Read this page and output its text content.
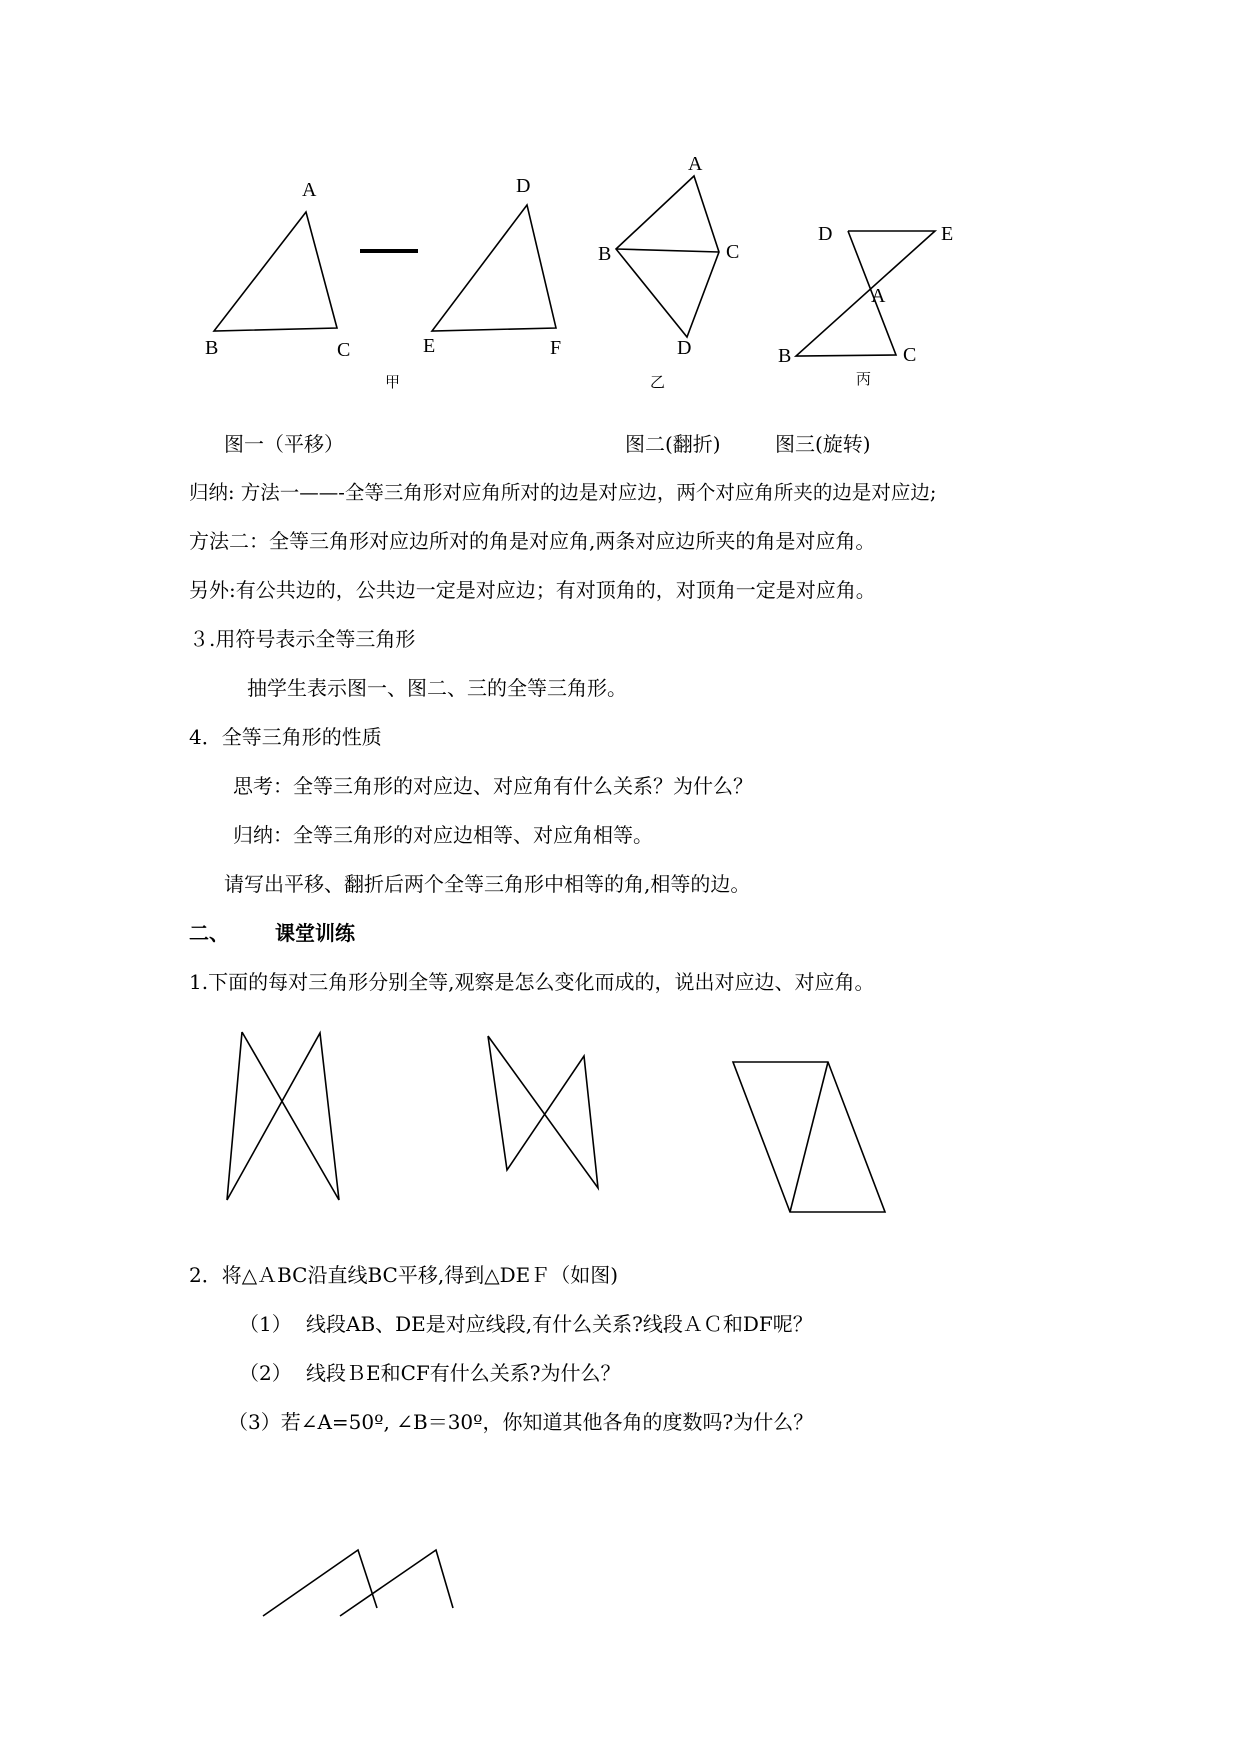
A
B	C
D
E	F
甲
A
B	C
D
乙
D	E
A
B	C
丙
图一（平移）	图二(翻折)	图三(旋转)
归纳: 方法一——-全等三角形对应角所对的边是对应边，两个对应角所夹的边是对应边;
方法二：全等三角形对应边所对的角是对应角,两条对应边所夹的角是对应角。
另外:有公共边的，公共边一定是对应边；有对顶角的，对顶角一定是对应角。
３.用符号表示全等三角形
抽学生表示图一、图二、三的全等三角形。
4．全等三角形的性质
思考：全等三角形的对应边、对应角有什么关系？为什么？
归纳：全等三角形的对应边相等、对应角相等。
请写出平移、翻折后两个全等三角形中相等的角,相等的边。
二、 课堂训练
1.下面的每对三角形分别全等,观察是怎么变化而成的，说出对应边、对应角。
2．将△ＡBC沿直线BC平移,得到△DEＦ（如图)
（1） 线段AB、DE是对应线段,有什么关系?线段ＡＣ和DF呢？
（2） 线段ＢE和CF有什么关系?为什么？
（3）若∠A=50º, ∠B＝30º，你知道其他各角的度数吗?为什么？
